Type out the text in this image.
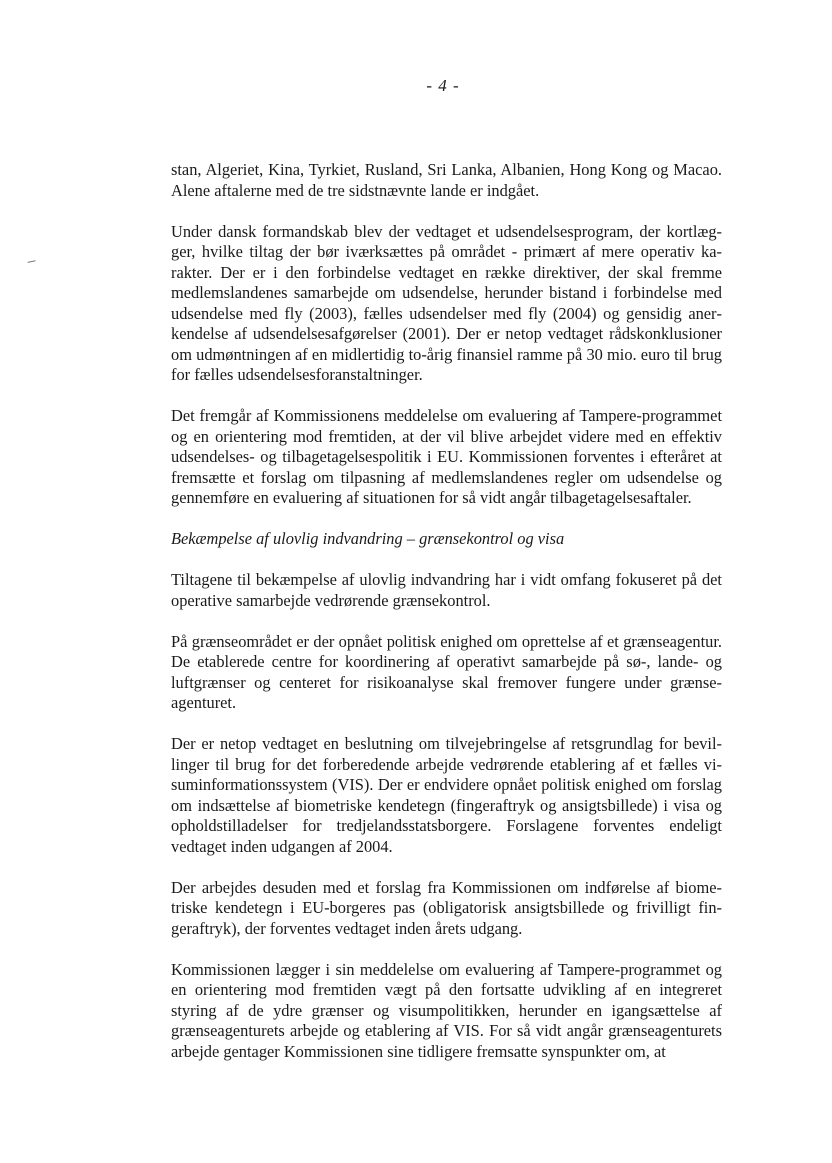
- 4 -

stan, Algeriet, Kina, Tyrkiet, Rusland, Sri Lanka, Albanien, Hong Kong og Macao. Alene aftalerne med de tre sidstnævnte lande er indgået.

Under dansk formandskab blev der vedtaget et udsendelsesprogram, der kortlægger, hvilke tiltag der bør iværksættes på området - primært af mere operativ karakter. Der er i den forbindelse vedtaget en række direktiver, der skal fremme medlemslandenes samarbejde om udsendelse, herunder bistand i forbindelse med udsendelse med fly (2003), fælles udsendelser med fly (2004) og gensidig anerkendelse af udsendelsesafgørelser (2001). Der er netop vedtaget rådskonklusioner om udmøntningen af en midlertidig to-årig finansiel ramme på 30 mio. euro til brug for fælles udsendelsesforanstaltninger.

Det fremgår af Kommissionens meddelelse om evaluering af Tampere-programmet og en orientering mod fremtiden, at der vil blive arbejdet videre med en effektiv udsendelses- og tilbagetagelsespolitik i EU. Kommissionen forventes i efteråret at fremsætte et forslag om tilpasning af medlemslandenes regler om udsendelse og gennemføre en evaluering af situationen for så vidt angår tilbagetagelsesaftaler.

Bekæmpelse af ulovlig indvandring – grænsekontrol og visa

Tiltagene til bekæmpelse af ulovlig indvandring har i vidt omfang fokuseret på det operative samarbejde vedrørende grænsekontrol.

På grænseområdet er der opnået politisk enighed om oprettelse af et grænseagentur. De etablerede centre for koordinering af operativt samarbejde på sø-, lande- og luftgrænser og centeret for risikoanalyse skal fremover fungere under grænseagenturet.

Der er netop vedtaget en beslutning om tilvejebringelse af retsgrundlag for bevillinger til brug for det forberedende arbejde vedrørende etablering af et fælles visuminformationssystem (VIS). Der er endvidere opnået politisk enighed om forslag om indsættelse af biometriske kendetegn (fingeraftryk og ansigtsbillede) i visa og opholdstilladelser for tredjelandsstatsborgere. Forslagene forventes endeligt vedtaget inden udgangen af 2004.

Der arbejdes desuden med et forslag fra Kommissionen om indførelse af biometriske kendetegn i EU-borgeres pas (obligatorisk ansigtsbillede og frivilligt fingeraftryk), der forventes vedtaget inden årets udgang.

Kommissionen lægger i sin meddelelse om evaluering af Tampere-programmet og en orientering mod fremtiden vægt på den fortsatte udvikling af en integreret styring af de ydre grænser og visumpolitikken, herunder en igangsættelse af grænseagenturets arbejde og etablering af VIS. For så vidt angår grænseagenturets arbejde gentager Kommissionen sine tidligere fremsatte synspunkter om, at
